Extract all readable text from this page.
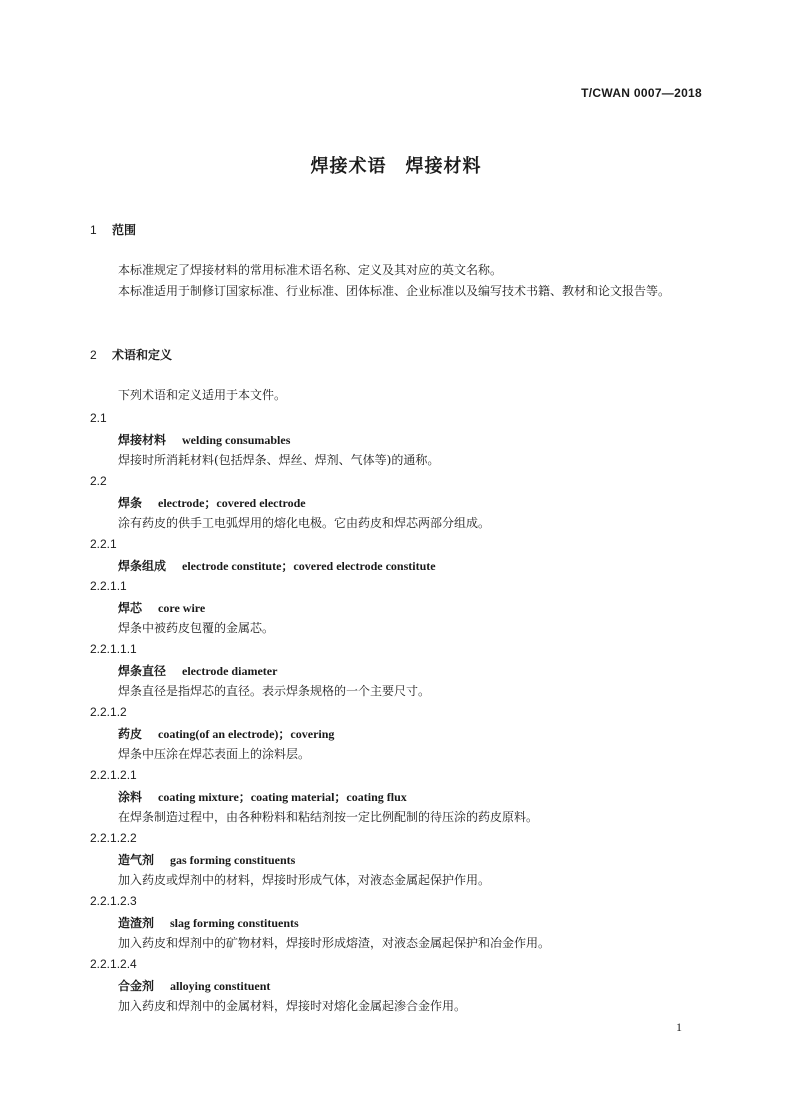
T/CWAN 0007—2018
焊接术语　焊接材料
1 范围
本标准规定了焊接材料的常用标准术语名称、定义及其对应的英文名称。
本标准适用于制修订国家标准、行业标准、团体标准、企业标准以及编写技术书籍、教材和论文报告等。
2 术语和定义
下列术语和定义适用于本文件。
2.1
焊接材料 welding consumables
焊接时所消耗材料(包括焊条、焊丝、焊剂、气体等)的通称。
2.2
焊条 electrode；covered electrode
涂有药皮的供手工电弧焊用的熔化电极。它由药皮和焊芯两部分组成。
2.2.1
焊条组成 electrode constitute；covered electrode constitute
2.2.1.1
焊芯 core wire
焊条中被药皮包覆的金属芯。
2.2.1.1.1
焊条直径 electrode diameter
焊条直径是指焊芯的直径。表示焊条规格的一个主要尺寸。
2.2.1.2
药皮 coating(of an electrode)；covering
焊条中压涂在焊芯表面上的涂料层。
2.2.1.2.1
涂料 coating mixture；coating material；coating flux
在焊条制造过程中，由各种粉料和粘结剂按一定比例配制的待压涂的药皮原料。
2.2.1.2.2
造气剂 gas forming constituents
加入药皮或焊剂中的材料，焊接时形成气体，对液态金属起保护作用。
2.2.1.2.3
造渣剂 slag forming constituents
加入药皮和焊剂中的矿物材料，焊接时形成熔渣，对液态金属起保护和冶金作用。
2.2.1.2.4
合金剂 alloying constituent
加入药皮和焊剂中的金属材料，焊接时对熔化金属起渗合金作用。
1
